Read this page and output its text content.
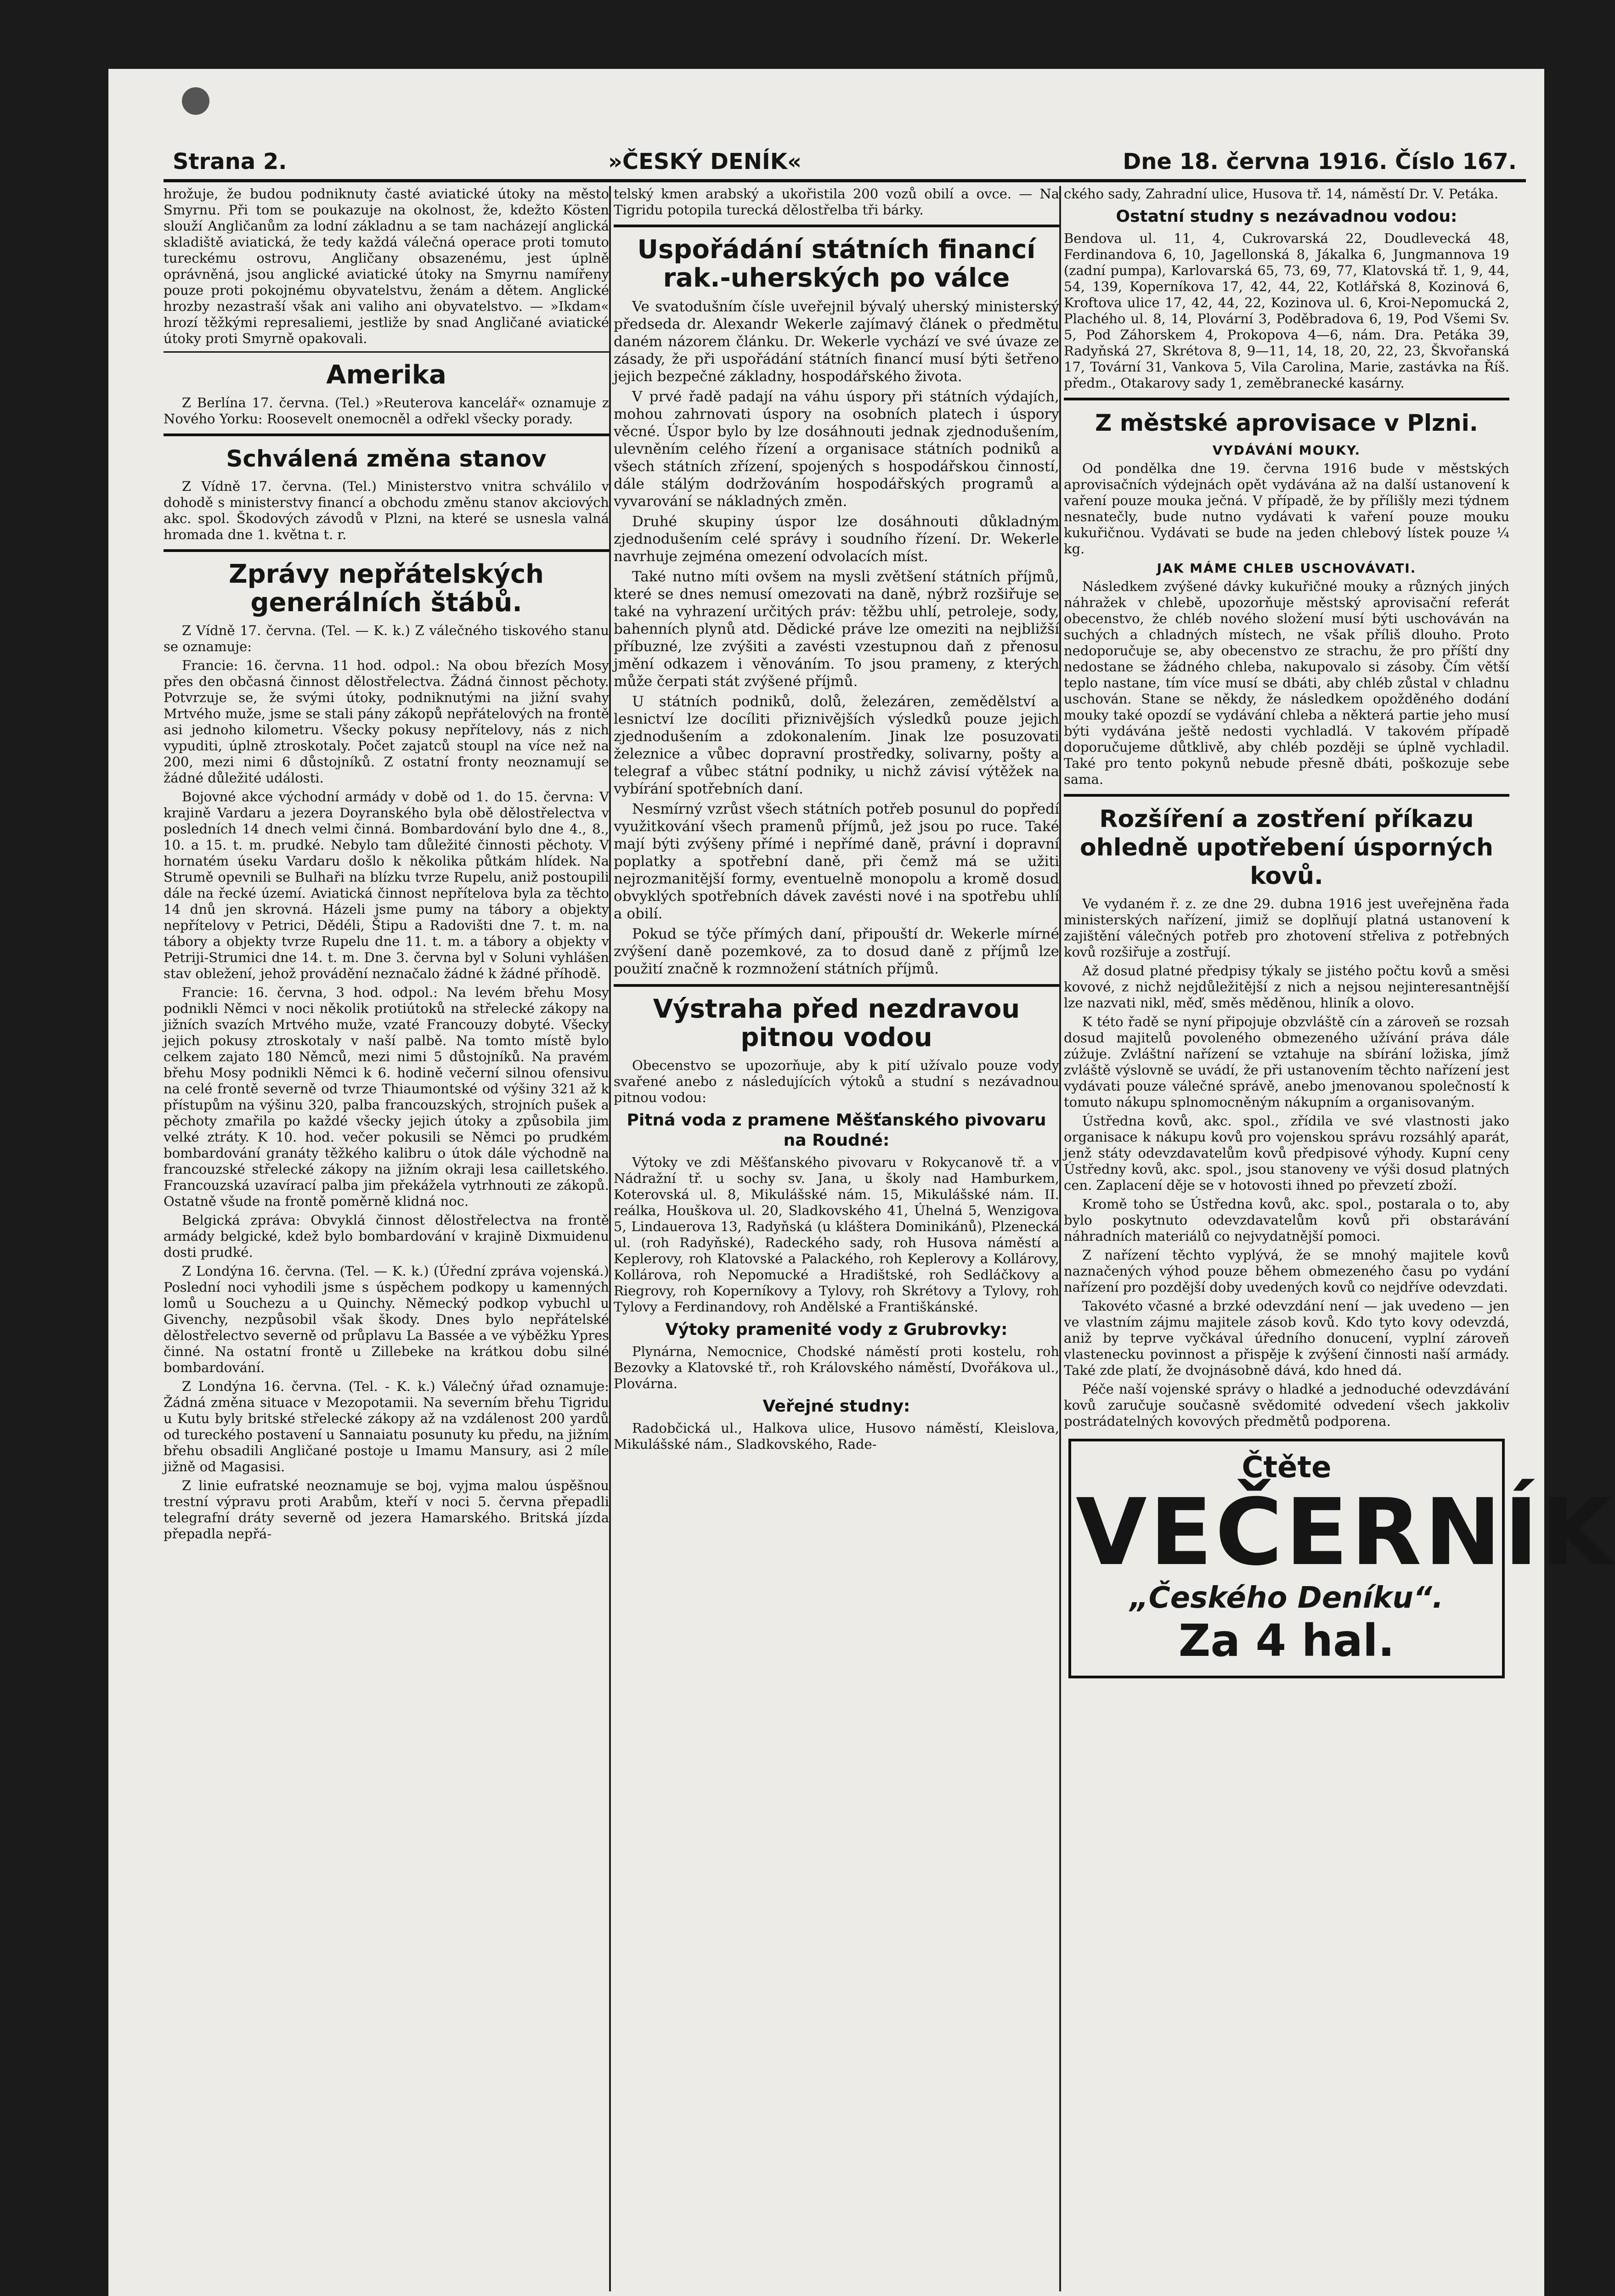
Strana 2.	»ČESKÝ DENÍK«	Dne 18. června 1916. Číslo 167.

hrožuje, že budou podniknuty časté aviatické útoky na město Smyrnu. Při tom se poukazuje na okolnost, že, kdežto Kösten slouží Angličanům za lodní základnu a se tam nacházejí anglická skladiště aviatická, že tedy každá válečná operace proti tomuto tureckému ostrovu, Angličany obsazenému, jest úplně oprávněná, jsou anglické aviatické útoky na Smyrnu namířeny pouze proti pokojnému obyvatelstvu, ženám a dětem. Anglické hrozby nezastraší však ani valiho ani obyvatelstvo. — »Ikdam« hrozí těžkými represaliemi, jestliže by snad Angličané aviatické útoky proti Smyrně opakovali.

Amerika

Z Berlína 17. června. (Tel.) »Reuterova kancelář« oznamuje z Nového Yorku: Roosevelt onemocněl a odřekl všecky porady.

Schválená změna stanov

Z Vídně 17. června. (Tel.) Ministerstvo vnitra schválilo v dohodě s ministerstvy financí a obchodu změnu stanov akciových akc. spol. Škodových závodů v Plzni, na které se usnesla valná hromada dne 1. května t. r.

Zprávy nepřátelských generálních štábů.

Z Vídně 17. června. (Tel. — K. k.) Z válečného tiskového stanu se oznamuje:

Francie: 16. června. 11 hod. odpol.: Na obou březích Mosy přes den občasná činnost dělostřelectva. Žádná činnost pěchoty. Potvrzuje se, že svými útoky, podniknutými na jižní svahy Mrtvého muže, jsme se stali pány zákopů nepřátelových na frontě asi jednoho kilometru. Všecky pokusy nepřítelovy, nás z nich vypuditi, úplně ztroskotaly. Počet zajatců stoupl na více než na 200, mezi nimi 6 důstojníků. Z ostatní fronty neoznamují se žádné důležité události.

Bojovné akce východní armády v době od 1. do 15. června: V krajině Vardaru a jezera Doyranského byla obě dělostřelectva v posledních 14 dnech velmi činná. Bombardování bylo dne 4., 8., 10. a 15. t. m. prudké. Nebylo tam důležité činnosti pěchoty. V hornatém úseku Vardaru došlo k několika půtkám hlídek. Na Strumě opevnili se Bulhaři na blízku tvrze Rupelu, aniž postoupili dále na řecké území. Aviatická činnost nepřítelova byla za těchto 14 dnů jen skrovná. Házeli jsme pumy na tábory a objekty nepřítelovy v Petrici, Dědéli, Štipu a Radovišti dne 7. t. m. na tábory a objekty tvrze Rupelu dne 11. t. m. a tábory a objekty v Petriji-Strumici dne 14. t. m. Dne 3. června byl v Soluni vyhlášen stav obležení, jehož provádění neznačalo žádné k žádné příhodě.

Francie: 16. června, 3 hod. odpol.: Na levém břehu Mosy podnikli Němci v noci několik protiútoků na střelecké zákopy na jižních svazích Mrtvého muže, vzaté Francouzy dobyté. Všecky jejich pokusy ztroskotaly v naší palbě. Na tomto místě bylo celkem zajato 180 Němců, mezi nimi 5 důstojníků. Na pravém břehu Mosy podnikli Němci k 6. hodině večerní silnou ofensivu na celé frontě severně od tvrze Thiaumontské od výšiny 321 až k přístupům na výšinu 320, palba francouzských, strojních pušek a pěchoty zmařila po každé všecky jejich útoky a způsobila jim velké ztráty. K 10. hod. večer pokusili se Němci po prudkém bombardování granáty těžkého kalibru o útok dále východně na francouzské střelecké zákopy na jižním okraji lesa cailletského. Francouzská uzavírací palba jim překážela vytrhnouti ze zákopů. Ostatně všude na frontě poměrně klidná noc.

Belgická zpráva: Obvyklá činnost dělostřelectva na frontě armády belgické, kdež bylo bombardování v krajině Dixmuidenu dosti prudké.

Z Londýna 16. června. (Tel. — K. k.) (Úřední zpráva vojenská.) Poslední noci vyhodili jsme s úspěchem podkopy u kamenných lomů u Souchezu a u Quinchy. Německý podkop vybuchl u Givenchy, nezpůsobil však škody. Dnes bylo nepřátelské dělostřelectvo severně od průplavu La Bassée a ve výběžku Ypres činné. Na ostatní frontě u Zillebeke na krátkou dobu silné bombardování.

Z Londýna 16. června. (Tel. - K. k.) Válečný úřad oznamuje: Žádná změna situace v Mezopotamii. Na severním břehu Tigridu u Kutu byly britské střelecké zákopy až na vzdálenost 200 yardů od tureckého postavení u Sannaiatu posunuty ku předu, na jižním břehu obsadili Angličané postoje u Imamu Mansury, asi 2 míle jižně od Magasisi.

Z linie eufratské neoznamuje se boj, vyjma malou úspěšnou trestní výpravu proti Arabům, kteří v noci 5. června přepadli telegrafní dráty severně od jezera Hamarského. Britská jízda přepadla nepřá-

telský kmen arabský a ukořistila 200 vozů obilí a ovce. — Na Tigridu potopila turecká dělostřelba tři bárky.

Uspořádání státních financí rak.-uherských po válce

Ve svatodušním čísle uveřejnil bývalý uherský ministerský předseda dr. Alexandr Wekerle zajímavý článek o předmětu daném názorem článku. Dr. Wekerle vychází ve své úvaze ze zásady, že při uspořádání státních financí musí býti šetřeno jejich bezpečné základny, hospodářského života.

V prvé řadě padají na váhu úspory při státních výdajích, mohou zahrnovati úspory na osobních platech i úspory věcné. Úspor bylo by lze dosáhnouti jednak zjednodušením, ulevněním celého řízení a organisace státních podniků a všech státních zřízení, spojených s hospodářskou činností, dále stálým dodržováním hospodářských programů a vyvarování se nákladných změn.

Druhé skupiny úspor lze dosáhnouti důkladným zjednodušením celé správy i soudního řízení. Dr. Wekerle navrhuje zejména omezení odvolacích míst.

Také nutno míti ovšem na mysli zvětšení státních příjmů, které se dnes nemusí omezovati na daně, nýbrž rozšiřuje se také na vyhrazení určitých práv: těžbu uhlí, petroleje, sody, bahenních plynů atd. Dědické práve lze omeziti na nejbližší příbuzné, lze zvýšiti a zavésti vzestupnou daň z přenosu jmění odkazem i věnováním. To jsou prameny, z kterých může čerpati stát zvýšené příjmů.

U státních podniků, dolů, železáren, zemědělství a lesnictví lze docíliti přiznivějších výsledků pouze jejich zjednodušením a zdokonalením. Jinak lze posuzovati železnice a vůbec dopravní prostředky, solivarny, pošty a telegraf a vůbec státní podniky, u nichž závisí výtěžek na vybírání spotřebních daní.

Nesmírný vzrůst všech státních potřeb posunul do popředí využitkování všech pramenů příjmů, jež jsou po ruce. Také mají býti zvýšeny přímé i nepřímé daně, právní i dopravní poplatky a spotřební daně, při čemž má se užiti nejrozmanitější formy, eventuelně monopolu a kromě dosud obvyklých spotřebních dávek zavésti nové i na spotřebu uhlí a obilí.

Pokud se týče přímých daní, připouští dr. Wekerle mírné zvýšení daně pozemkové, za to dosud daně z příjmů lze použití značně k rozmnožení státních příjmů.

Výstraha před nezdravou pitnou vodou

Obecenstvo se upozorňuje, aby k pití užívalo pouze vody svařené anebo z následujících výtoků a studní s nezávadnou pitnou vodou:

Pitná voda z pramene Měšťanského pivovaru na Roudné:

Výtoky ve zdi Měšťanského pivovaru v Rokycanově tř. a v Nádražní tř. u sochy sv. Jana, u školy nad Hamburkem, Koterovská ul. 8, Mikulášské nám. 15, Mikulášské nám. II. reálka, Houškova ul. 20, Sladkovského 41, Úhelná 5, Wenzigova 5, Lindauerova 13, Radyňská (u kláštera Dominikánů), Plzenecká ul. (roh Radyňské), Radeckého sady, roh Husova náměstí a Keplerovy, roh Klatovské a Palackého, roh Keplerovy a Kollárovy, Kollárova, roh Nepomucké a Hradištské, roh Sedláčkovy a Riegrovy, roh Koperníkovy a Tylovy, roh Skrétovy a Tylovy, roh Tylovy a Ferdinandovy, roh Andělské a Františkánské.

Výtoky pramenité vody z Grubrovky:

Plynárna, Nemocnice, Chodské náměstí proti kostelu, roh Bezovky a Klatovské tř., roh Královského náměstí, Dvořákova ul., Plovárna.

Veřejné studny:

Radobčická ul., Halkova ulice, Husovo náměstí, Kleislova, Mikulášské nám., Sladkovského, Rade-

ckého sady, Zahradní ulice, Husova tř. 14, náměstí Dr. V. Petáka.

Ostatní studny s nezávadnou vodou:

Bendova ul. 11, 4, Cukrovarská 22, Doudlevecká 48, Ferdinandova 6, 10, Jagellonská 8, Jákalka 6, Jungmannova 19 (zadní pumpa), Karlovarská 65, 73, 69, 77, Klatovská tř. 1, 9, 44, 54, 139, Koperníkova 17, 42, 44, 22, Kotlářská 8, Kozinová 6, Kroftova ulice 17, 42, 44, 22, Kozinova ul. 6, Kroi-Nepomucká 2, Plachého ul. 8, 14, Plovární 3, Poděbradova 6, 19, Pod Všemi Sv. 5, Pod Záhorskem 4, Prokopova 4—6, nám. Dra. Petáka 39, Radyňská 27, Skrétova 8, 9—11, 14, 18, 20, 22, 23, Škvořanská 17, Tovární 31, Vankova 5, Vila Carolina, Marie, zastávka na Říš. předm., Otakarovy sady 1, zeměbranecké kasárny.

Z městské aprovisace v Plzni.
VYDÁVÁNÍ MOUKY.

Od pondělka dne 19. června 1916 bude v městských aprovisačních výdejnách opět vydávána až na další ustanovení k vaření pouze mouka ječná. V případě, že by přílišly mezi týdnem nesnatečly, bude nutno vydávati k vaření pouze mouku kukuřičnou. Vydávati se bude na jeden chlebový lístek pouze ¼ kg.

JAK MÁME CHLEB USCHOVÁVATI.

Následkem zvýšené dávky kukuřičné mouky a různých jiných náhražek v chlebě, upozorňuje městský aprovisační referát obecenstvo, že chléb nového složení musí býti uschováván na suchých a chladných místech, ne však příliš dlouho. Proto nedoporučuje se, aby obecenstvo ze strachu, že pro příští dny nedostane se žádného chleba, nakupovalo si zásoby. Čím větší teplo nastane, tím více musí se dbáti, aby chléb zůstal v chladnu uschován. Stane se někdy, že následkem opožděného dodání mouky také opozdí se vydávání chleba a některá partie jeho musí býti vydávána ještě nedosti vychladlá. V takovém případě doporučujeme důtklivě, aby chléb později se úplně vychladil. Také pro tento pokynů nebude přesně dbáti, poškozuje sebe sama.

Rozšíření a zostření příkazu ohledně upotřebení úsporných kovů.

Ve vydaném ř. z. ze dne 29. dubna 1916 jest uveřejněna řada ministerských nařízení, jimiž se doplňují platná ustanovení k zajištění válečných potřeb pro zhotovení střeliva z potřebných kovů rozšiřuje a zostřují.

Až dosud platné předpisy týkaly se jistého počtu kovů a směsi kovové, z nichž nejdůležitější z nich a nejsou nejinteresantnější lze nazvati nikl, měď, směs měděnou, hliník a olovo.

K této řadě se nyní připojuje obzvláště cín a zároveň se rozsah dosud majitelů povoleného obmezeného užívání práva dále zúžuje. Zvláštní nařízení se vztahuje na sbírání ložiska, jímž zvláště výslovně se uvádí, že při ustanovením těchto nařízení jest vydávati pouze válečné správě, anebo jmenovanou společností k tomuto nákupu splnomocněným nákupním a organisovaným.

Ústředna kovů, akc. spol., zřídila ve své vlastnosti jako organisace k nákupu kovů pro vojenskou správu rozsáhlý aparát, jenž státy odevzdavatelům kovů předpisové výhody. Kupní ceny Ústředny kovů, akc. spol., jsou stanoveny ve výši dosud platných cen. Zaplacení děje se v hotovosti ihned po převzetí zboží.

Kromě toho se Ústředna kovů, akc. spol., postarala o to, aby bylo poskytnuto odevzdavatelům kovů při obstarávání náhradních materiálů co nejvydatnější pomoci.

Z nařízení těchto vyplývá, že se mnohý majitele kovů naznačených výhod pouze během obmezeného času po vydání nařízení pro pozdější doby uvedených kovů co nejdříve odevzdati.

Takovéto včasné a brzké odevzdání není — jak uvedeno — jen ve vlastním zájmu majitele zásob kovů. Kdo tyto kovy odevzdá, aniž by teprve vyčkával úředního donucení, vyplní zároveň vlastenecku povinnost a přispěje k zvýšení činnosti naší armády. Také zde platí, že dvojnásobně dává, kdo hned dá.

Péče naší vojenské správy o hladké a jednoduché odevzdávání kovů zaručuje současně svědomité odvedení všech jakkoliv postrádatelných kovových předmětů podporena.

Čtěte
VEČERNÍK
„Českého Deníku“.
Za 4 hal.
